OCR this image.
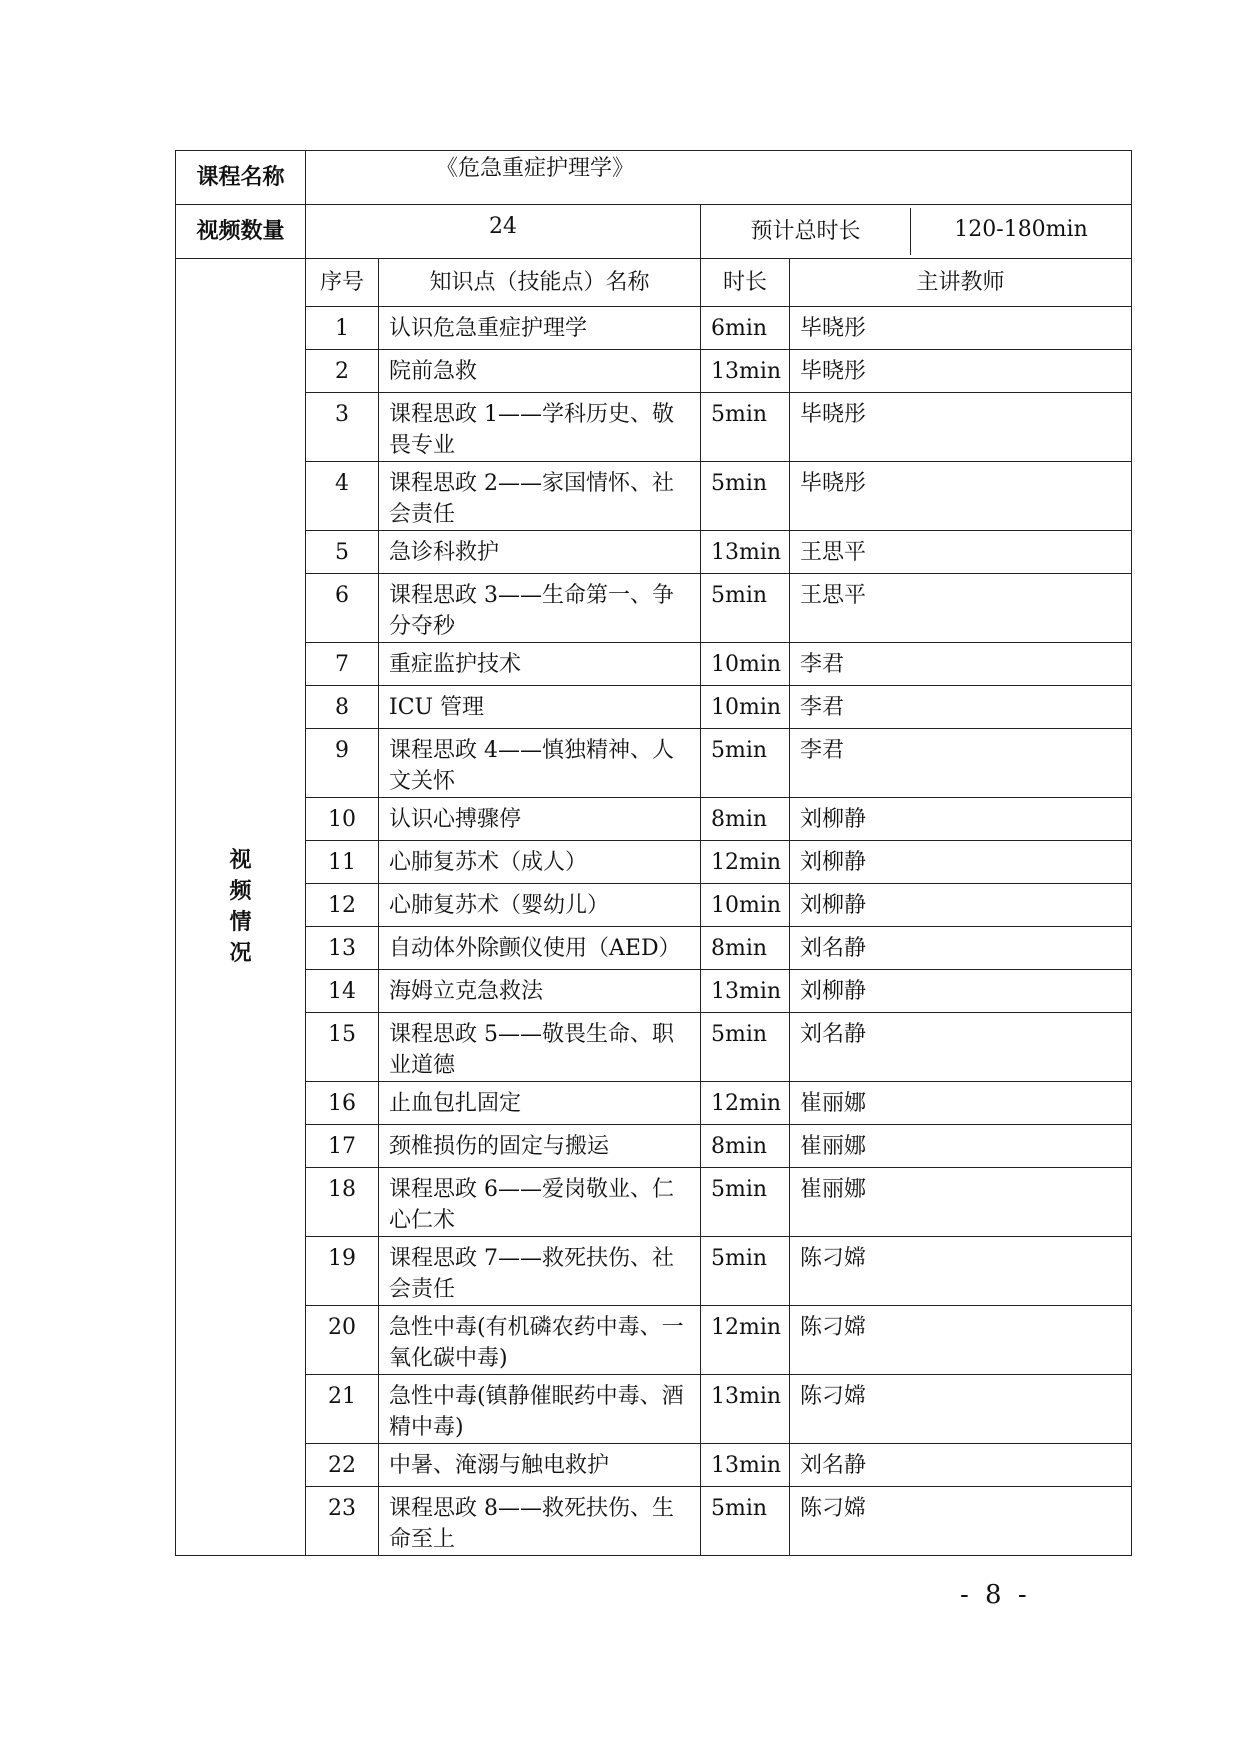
课程名称	《危急重症护理学》			
视频数量	24		预计总时长 120-180min	

视
频
情
况	序号	知识点（技能点）名称	时长	主讲教师
	1	认识危急重症护理学	6min	毕晓彤
	2	院前急救	13min	毕晓彤
	3	课程思政 1——学科历史、敬畏专业	5min	毕晓彤
	4	课程思政 2——家国情怀、社会责任	5min	毕晓彤
	5	急诊科救护	13min	王思平
	6	课程思政 3——生命第一、争分夺秒	5min	王思平
	7	重症监护技术	10min	李君
	8	ICU 管理	10min	李君
	9	课程思政 4——慎独精神、人文关怀	5min	李君
	10	认识心搏骤停	8min	刘柳静
	11	心肺复苏术（成人）	12min	刘柳静
	12	心肺复苏术（婴幼儿）	10min	刘柳静
	13	自动体外除颤仪使用（AED）	8min	刘名静
	14	海姆立克急救法	13min	刘柳静
	15	课程思政 5——敬畏生命、职业道德	5min	刘名静
	16	止血包扎固定	12min	崔丽娜
	17	颈椎损伤的固定与搬运	8min	崔丽娜
	18	课程思政 6——爱岗敬业、仁心仁术	5min	崔丽娜
	19	课程思政 7——救死扶伤、社会责任	5min	陈刁嫦
	20	急性中毒(有机磷农药中毒、一氧化碳中毒)	12min	陈刁嫦
	21	急性中毒(镇静催眠药中毒、酒精中毒)	13min	陈刁嫦
	22	中暑、淹溺与触电救护	13min	刘名静
	23	课程思政 8——救死扶伤、生命至上	5min	陈刁嫦
- 8 -
